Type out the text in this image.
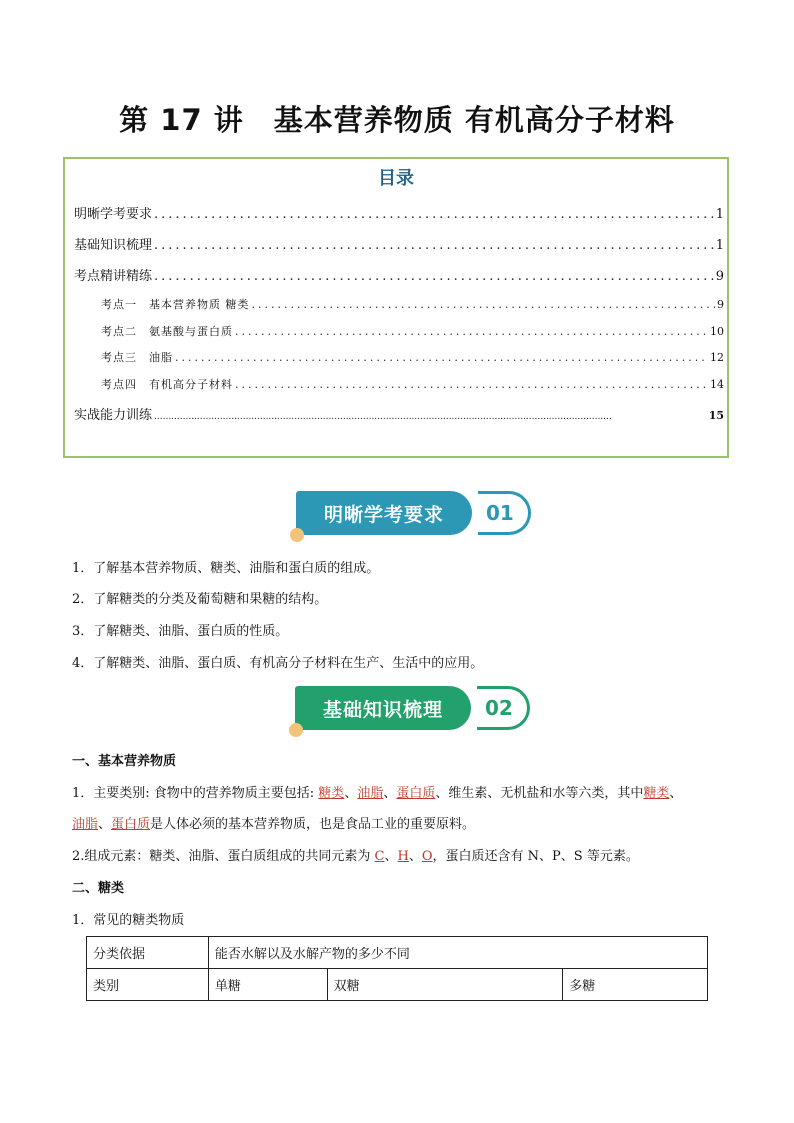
第 17 讲　基本营养物质 有机高分子材料
目录
明晰学考要求 .....	1
基础知识梳理 .....	1
考点精讲精练 .....	9
考点一　基本营养物质 糖类 .....	9
考点二　氨基酸与蛋白质 .....	10
考点三　油脂 .....	12
考点四　有机高分子材料 .....	14
实战能力训练 .....	15
明晰学考要求	01
1．了解基本营养物质、糖类、油脂和蛋白质的组成。
2．了解糖类的分类及葡萄糖和果糖的结构。
3．了解糖类、油脂、蛋白质的性质。
4．了解糖类、油脂、蛋白质、有机高分子材料在生产、生活中的应用。
基础知识梳理	02
一、基本营养物质
1．主要类别: 食物中的营养物质主要包括: 糖类、油脂、蛋白质、维生素、无机盐和水等六类，其中糖类、
油脂、蛋白质是人体必须的基本营养物质，也是食品工业的重要原料。
2.组成元素：糖类、油脂、蛋白质组成的共同元素为 C、H、O，蛋白质还含有 N、P、S 等元素。
二、糖类
1．常见的糖类物质
分类依据	能否水解以及水解产物的多少不同		
类别	单糖	双糖	多糖
